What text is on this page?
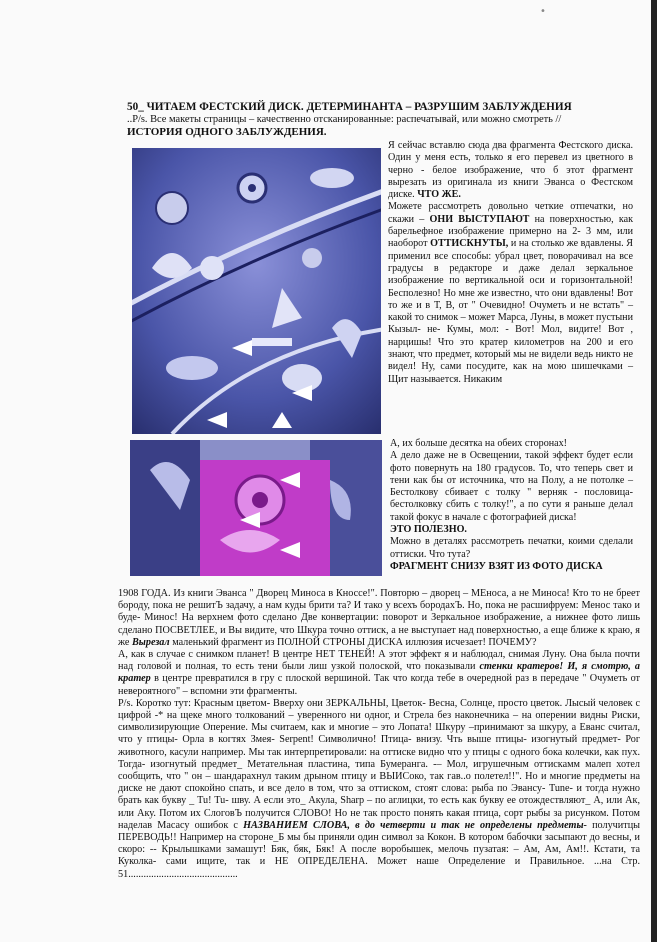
•
50_ ЧИТАЕМ ФЕСТСКИЙ ДИСК. ДЕТЕРМИНАНТА – РАЗРУШИМ ЗАБЛУЖДЕНИЯ
..P/s. Все макеты страницы – качественно отсканированные: распечатывай, или можно смотреть //
ИСТОРИЯ ОДНОГО ЗАБЛУЖДЕНИЯ.

Я сейчас вставлю сюда два фрагмента Фестского диска. Один у меня есть, только я его перевел из цветного в черно - белое изображение, что б этот фрагмент вырезать из оригинала из книги Эванса о Фестском диске. ЧТО ЖЕ.

Можете рассмотреть довольно четкие отпечатки, но скажи – ОНИ ВЫСТУПАЮТ на поверхностью, как барельефное изображение примерно на 2- 3 мм, или наоборот ОТТИСКНУТЫ, и на столько же вдавлены. Я применил все способы: убрал цвет, поворачивал на все градусы в редакторе и даже делал зеркальное изображение по вертикальной оси и горизонтальной! Бесполезно! Но мне же известно, что они вдавлены! Вот то же и в Т, В, от " Очевидно! Очуметь и не встать" – какой то снимок – может Марса, Луны, в может пустыни Кызыл- не- Кумы, мол: - Вот! Мол, видите! Вот , нарцишы! Что это кратер километров на 200 и его знают, что предмет, который мы не видели ведь никто не видел! Ну, сами посудите, как на мою шишечками – Щит называется. Никаким

А, их больше десятка на обеих сторонах!

А дело даже не в Освещении, такой эффект будет если фото повернуть на 180 градусов. То, что теперь свет и тени как бы от источника, что на Полу, а не потолке – Бестолкову сбивает с толку " верняк - пословица- бестолковку сбить с толку!", а по сути я раньше делал такой фокус в начале с фотографией диска!

ЭТО ПОЛЕЗНО.

Можно в деталях рассмотреть печатки, коими сделали оттиски. Что тута?

ФРАГМЕНТ СНИЗУ ВЗЯТ ИЗ ФОТО ДИСКА

1908 ГОДА. Из книги Эванса " Дворец Миноса в Кноссе!". Повторю – дворец – МЕноса, а не Миноса! Кто то не бреет бороду, пока не решитЪ задачу, а нам куды брити та? И тако у всехъ бородахЪ. Но, пока не расшифруем: Менос тако и буде- Минос! На верхнем фото сделано Две конвертации: поворот и Зеркальное изображение, а нижнее фото лишь сделано ПОСВЕТЛЕЕ, и Вы видите, что Шкура точно оттиск, а не выступает над поверхностью, а еще ближе к краю, я же Вырезал маленький фрагмент из ПОЛНОЙ СТРОНЫ ДИСКА иллюзия исчезает! ПОЧЕМУ?

А, как в случае с снимком планет! В центре НЕТ ТЕНЕЙ! А этот эффект я и наблюдал, снимая Луну. Она была почти над головой и полная, то есть тени были лиш узкой полоской, что показывали стенки кратеров! И, я смотрю, а кратер в центре превратился в гру с плоской вершиной. Так что когда тебе в очередной раз в передаче " Очуметь от невероятного" – вспомни эти фрагменты.

P/s. Коротко тут: Красным цветом- Вверху они ЗЕРКАЛЬНЫ, Цветок- Весна, Солнце, просто цветок. Лысый человек с цифрой -* на щеке много толкований – уверенного ни одног, и Стрела без наконечника – на оперении видны Риски, символизирующие Оперение. Мы считаем, как и многие – это Лопата! Шкуру –принимают за шкуру, а Еванс считал, что у птицы- Орла в когтях Змея- Serpent! Символично! Птица- внизу. Чть выше птицы- изогнутый предмет- Рог животного, касули например. Мы так интерпретировали: на оттиске видно что у птицы с одного бока колечки, как пух. Тогда- изогнутый предмет_ Метательная пластина, типа Бумеранга. -– Мол, игрушечным оттискамм малеп хотел сообщить, что " он – шандарахнул таким дрыном птицу и ВЫИСоко, так гав..о полетел!!". Но и многие предметы на диске не дают спокойно спать, и все дело в том, что за оттиском, стоят слова: рыба по Эвансу- Tune- и тогда нужно брать как букву _ Tu! Tu- шву. А если это_ Акула, Sharp – по аглицки, то есть как букву ее отождествляют_ А, или Ак, или Аку. Потом их СлоговЪ получится СЛОВО! Но не так просто понять какая птица, сорт рыбы за рисунком. Потом наделав Масасу ошибок с НАЗВАНИЕМ СЛОВА, в до четверти и так не определены предметы- получитцы ПЕРЕВОДЬ!! Например на стороне_Б мы бы приняли один символ за Кокон. В котором бабочки засыпают до весны, и скоро: -- Крылышками замашут! Бяк, бяк, Бяк! А после воробышек, мелочь пузатая: – Ам, Ам, Ам!!. Кстати, та Куколка- сами ищите, так и НЕ ОПРЕДЕЛЕНА. Может наше Определение и Правильное. ...на Стр. 51...........................................
